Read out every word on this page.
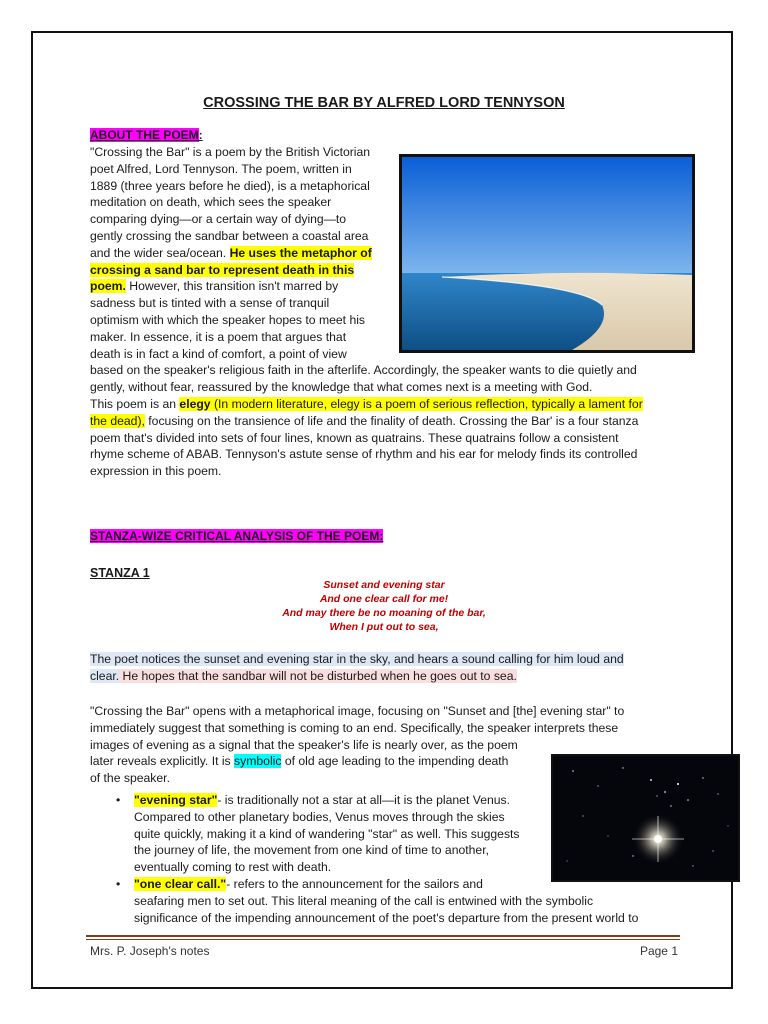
CROSSING THE BAR BY ALFRED LORD TENNYSON
ABOUT THE POEM:

"Crossing the Bar" is a poem by the British Victorian

poet Alfred, Lord Tennyson. The poem, written in

1889 (three years before he died), is a metaphorical

meditation on death, which sees the speaker

comparing dying—or a certain way of dying—to

gently crossing the sandbar between a coastal area

and the wider sea/ocean. He uses the metaphor of

crossing a sand bar to represent death in this

poem. However, this transition isn't marred by

sadness but is tinted with a sense of tranquil

optimism with which the speaker hopes to meet his

maker. In essence, it is a poem that argues that

death is in fact a kind of comfort, a point of view

based on the speaker's religious faith in the afterlife. Accordingly, the speaker wants to die quietly and

gently, without fear, reassured by the knowledge that what comes next is a meeting with God.

This poem is an elegy (In modern literature, elegy is a poem of serious reflection, typically a lament for

the dead), focusing on the transience of life and the finality of death. Crossing the Bar' is a four stanza

poem that's divided into sets of four lines, known as quatrains. These quatrains follow a consistent

rhyme scheme of ABAB. Tennyson's astute sense of rhythm and his ear for melody finds its controlled

expression in this poem.

STANZA-WIZE CRITICAL ANALYSIS OF THE POEM:
STANZA 1

Sunset and evening star

And one clear call for me!

And may there be no moaning of the bar,

When I put out to sea,

The poet notices the sunset and evening star in the sky, and hears a sound calling for him loud and

clear. He hopes that the sandbar will not be disturbed when he goes out to sea.

"Crossing the Bar" opens with a metaphorical image, focusing on "Sunset and [the] evening star" to

immediately suggest that something is coming to an end. Specifically, the speaker interprets these

images of evening as a signal that the speaker's life is nearly over, as the poem

later reveals explicitly. It is symbolic of old age leading to the impending death

of the speaker.

• "evening star"- is traditionally not a star at all—it is the planet Venus.

Compared to other planetary bodies, Venus moves through the skies

quite quickly, making it a kind of wandering "star" as well. This suggests

the journey of life, the movement from one kind of time to another,

eventually coming to rest with death.

• "one clear call."- refers to the announcement for the sailors and

seafaring men to set out. This literal meaning of the call is entwined with the symbolic

significance of the impending announcement of the poet's departure from the present world to

Mrs. P. Joseph's notes	Page 1
